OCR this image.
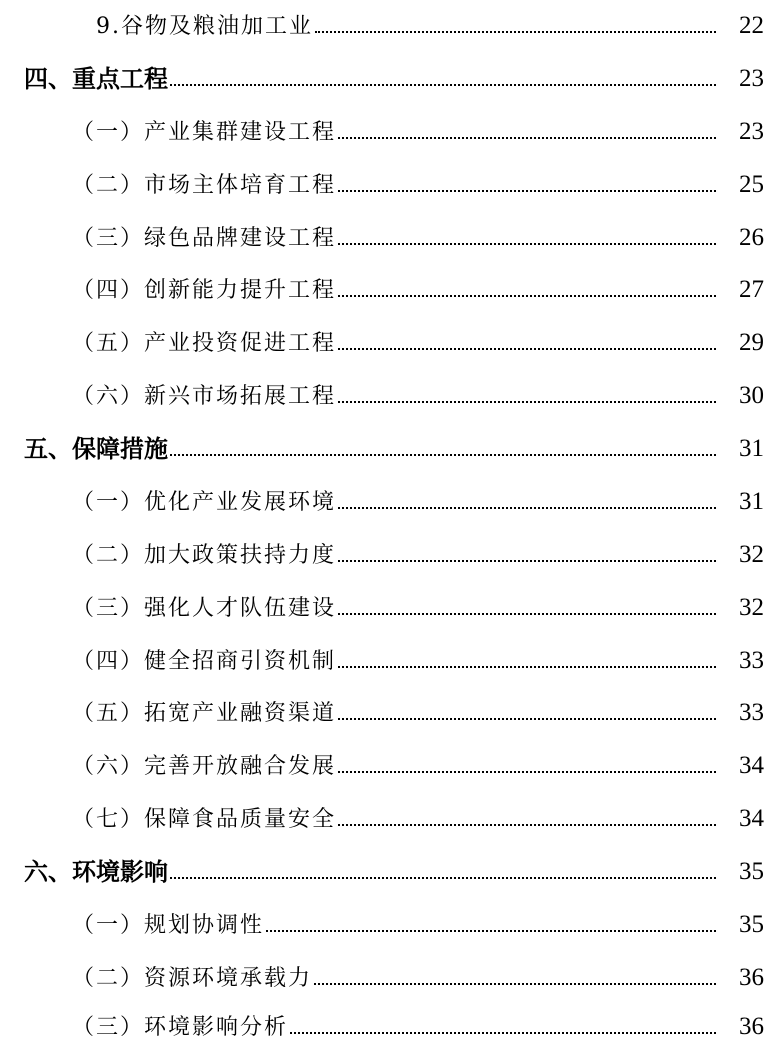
9.谷物及粮油加工业	22
四、重点工程	23
（一）产业集群建设工程	23
（二）市场主体培育工程	25
（三）绿色品牌建设工程	26
（四）创新能力提升工程	27
（五）产业投资促进工程	29
（六）新兴市场拓展工程	30
五、保障措施	31
（一）优化产业发展环境	31
（二）加大政策扶持力度	32
（三）强化人才队伍建设	32
（四）健全招商引资机制	33
（五）拓宽产业融资渠道	33
（六）完善开放融合发展	34
（七）保障食品质量安全	34
六、环境影响	35
（一）规划协调性	35
（二）资源环境承载力	36
（三）环境影响分析	36
